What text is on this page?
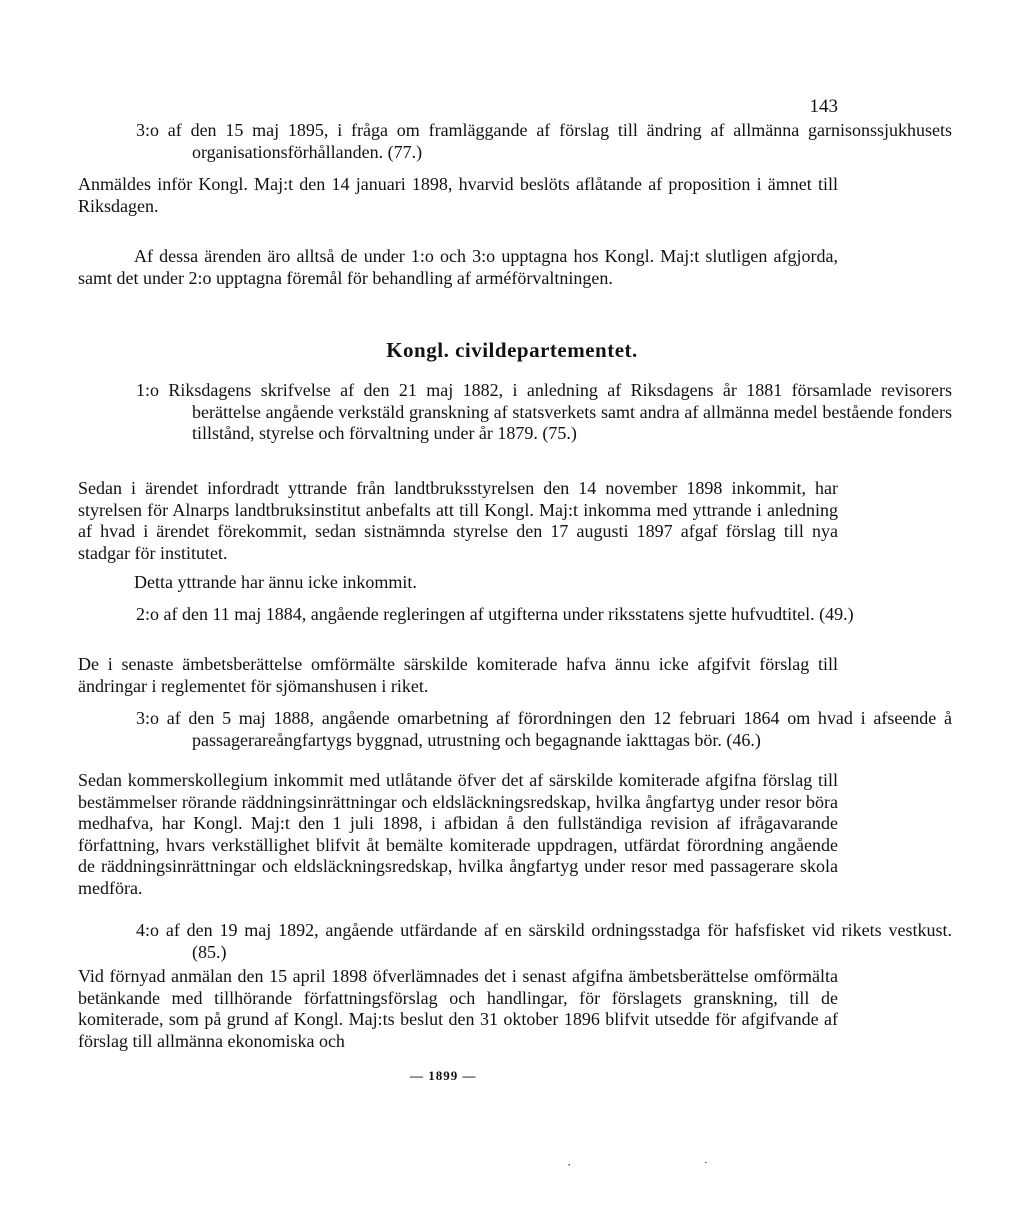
143
3:o af den 15 maj 1895, i fråga om framläggande af förslag till ändring af allmänna garnisonssjukhusets organisationsförhållanden. (77.)
Anmäldes inför Kongl. Maj:t den 14 januari 1898, hvarvid beslöts aflåtande af proposition i ämnet till Riksdagen.
Af dessa ärenden äro alltså de under 1:o och 3:o upptagna hos Kongl. Maj:t slutligen afgjorda, samt det under 2:o upptagna föremål för behandling af arméförvaltningen.
Kongl. civildepartementet.
1:o Riksdagens skrifvelse af den 21 maj 1882, i anledning af Riksdagens år 1881 församlade revisorers berättelse angående verkstäld granskning af statsverkets samt andra af allmänna medel bestående fonders tillstånd, styrelse och förvaltning under år 1879. (75.)
Sedan i ärendet infordradt yttrande från landtbruksstyrelsen den 14 november 1898 inkommit, har styrelsen för Alnarps landtbruksinstitut anbefalts att till Kongl. Maj:t inkomma med yttrande i anledning af hvad i ärendet förekommit, sedan sistnämnda styrelse den 17 augusti 1897 afgaf förslag till nya stadgar för institutet.
Detta yttrande har ännu icke inkommit.
2:o af den 11 maj 1884, angående regleringen af utgifterna under riksstatens sjette hufvudtitel. (49.)
De i senaste ämbetsberättelse omförmälte särskilde komiterade hafva ännu icke afgifvit förslag till ändringar i reglementet för sjömanshusen i riket.
3:o af den 5 maj 1888, angående omarbetning af förordningen den 12 februari 1864 om hvad i afseende å passagerareångfartygs byggnad, utrustning och begagnande iakttagas bör. (46.)
Sedan kommerskollegium inkommit med utlåtande öfver det af särskilde komiterade afgifna förslag till bestämmelser rörande räddningsinrättningar och eldsläckningsredskap, hvilka ångfartyg under resor böra medhafva, har Kongl. Maj:t den 1 juli 1898, i afbidan å den fullständiga revision af ifrågavarande författning, hvars verkställighet blifvit åt bemälte komiterade uppdragen, utfärdat förordning angående de räddningsinrättningar och eldsläckningsredskap, hvilka ångfartyg under resor med passagerare skola medföra.
4:o af den 19 maj 1892, angående utfärdande af en särskild ordningsstadga för hafsfisket vid rikets vestkust. (85.)
Vid förnyad anmälan den 15 april 1898 öfverlämnades det i senast afgifna ämbetsberättelse omförmälta betänkande med tillhörande författningsförslag och handlingar, för förslagets granskning, till de komiterade, som på grund af Kongl. Maj:ts beslut den 31 oktober 1896 blifvit utsedde för afgifvande af förslag till allmänna ekonomiska och
— 1899 —
·	·
